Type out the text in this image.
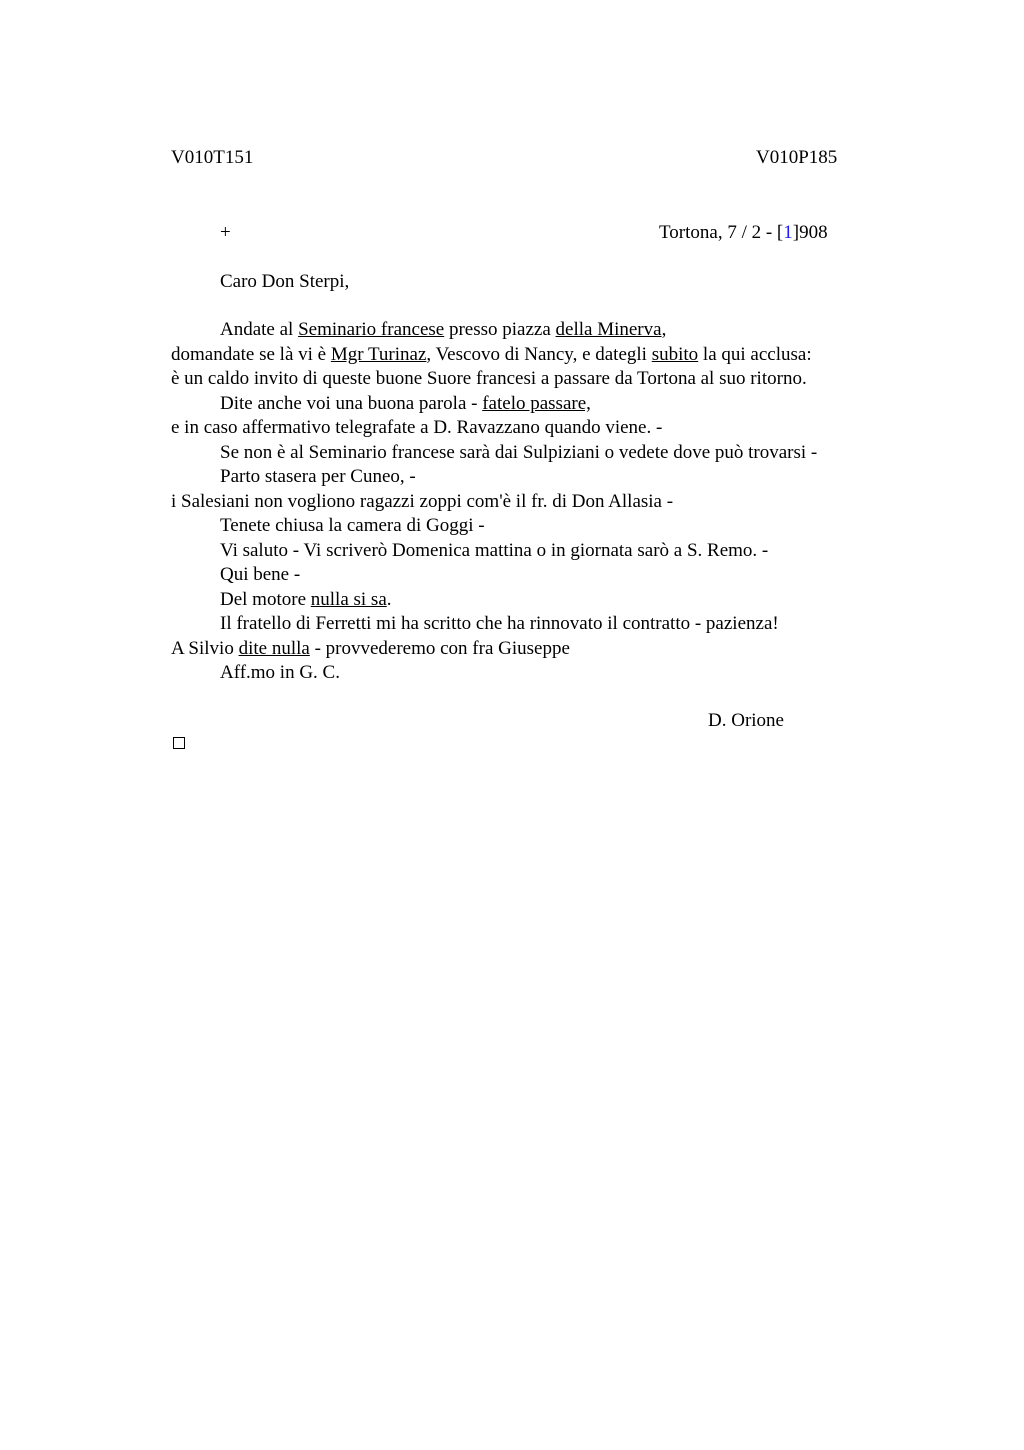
V010T151	V010P185
+	Tortona, 7 / 2 - [1]908
Caro Don Sterpi,
Andate al Seminario francese presso piazza della Minerva,
domandate se là vi è Mgr Turinaz, Vescovo di Nancy, e dategli subito la qui acclusa:
è un caldo invito di queste buone Suore francesi a passare da Tortona al suo ritorno.
Dite anche voi una buona parola - fatelo passare,
e in caso affermativo telegrafate a D. Ravazzano quando viene. -
Se non è al Seminario francese sarà dai Sulpiziani o vedete dove può trovarsi -
Parto stasera per Cuneo, -
i Salesiani non vogliono ragazzi zoppi com'è il fr. di Don Allasia -
Tenete chiusa la camera di Goggi -
Vi saluto - Vi scriverò Domenica mattina o in giornata sarò a S. Remo. -
Qui bene -
Del motore nulla si sa.
Il fratello di Ferretti mi ha scritto che ha rinnovato il contratto - pazienza!
A Silvio dite nulla - provvederemo con fra Giuseppe
Aff.mo in G. C.
D. Orione
